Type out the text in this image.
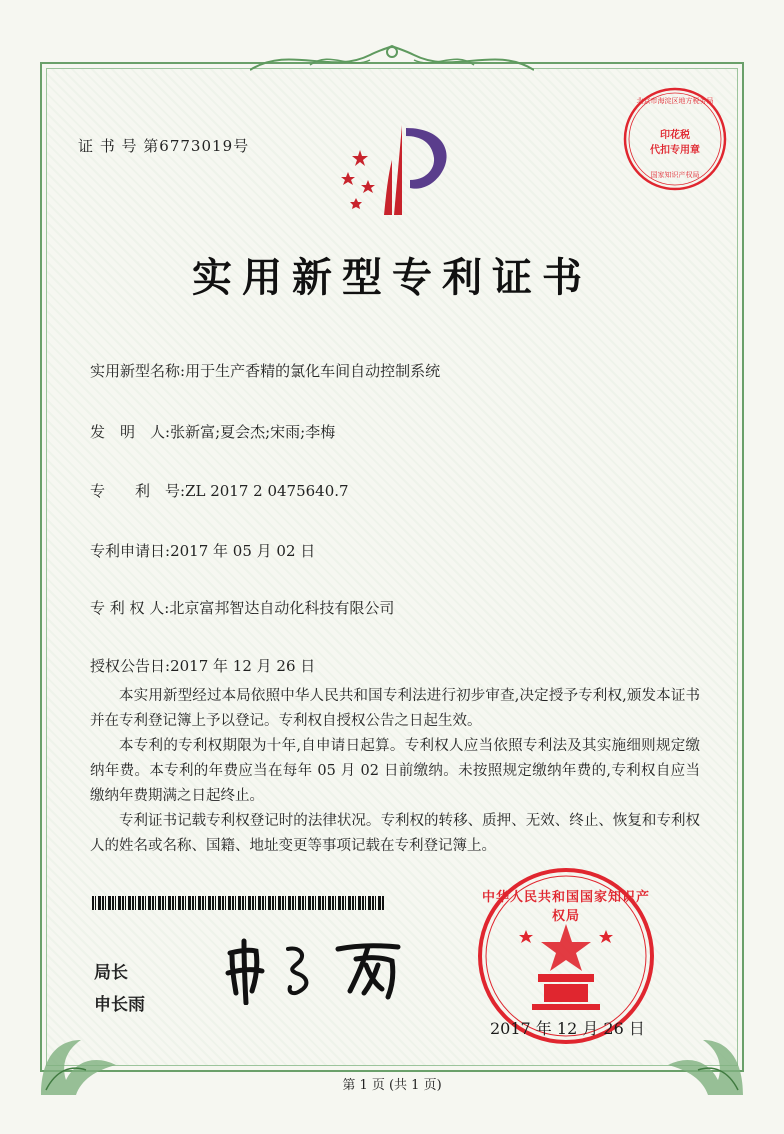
证 书 号 第6773019号
北京市海淀区地方税务局
印花税
代扣专用章
国家知识产权局
实用新型专利证书
实用新型名称:用于生产香精的氯化车间自动控制系统
发　明　人:张新富;夏会杰;宋雨;李梅
专　　利　号:ZL 2017 2 0475640.7
专利申请日:2017 年 05 月 02 日
专 利 权 人:北京富邦智达自动化科技有限公司
授权公告日:2017 年 12 月 26 日

本实用新型经过本局依照中华人民共和国专利法进行初步审查,决定授予专利权,颁发本证书并在专利登记簿上予以登记。专利权自授权公告之日起生效。

本专利的专利权期限为十年,自申请日起算。专利权人应当依照专利法及其实施细则规定缴纳年费。本专利的年费应当在每年 05 月 02 日前缴纳。未按照规定缴纳年费的,专利权自应当缴纳年费期满之日起终止。

专利证书记载专利权登记时的法律状况。专利权的转移、质押、无效、终止、恢复和专利权人的姓名或名称、国籍、地址变更等事项记载在专利登记簿上。

局长
申长雨
中华人民共和国国家知识产权局
2017 年 12 月 26 日
第 1 页 (共 1 页)
